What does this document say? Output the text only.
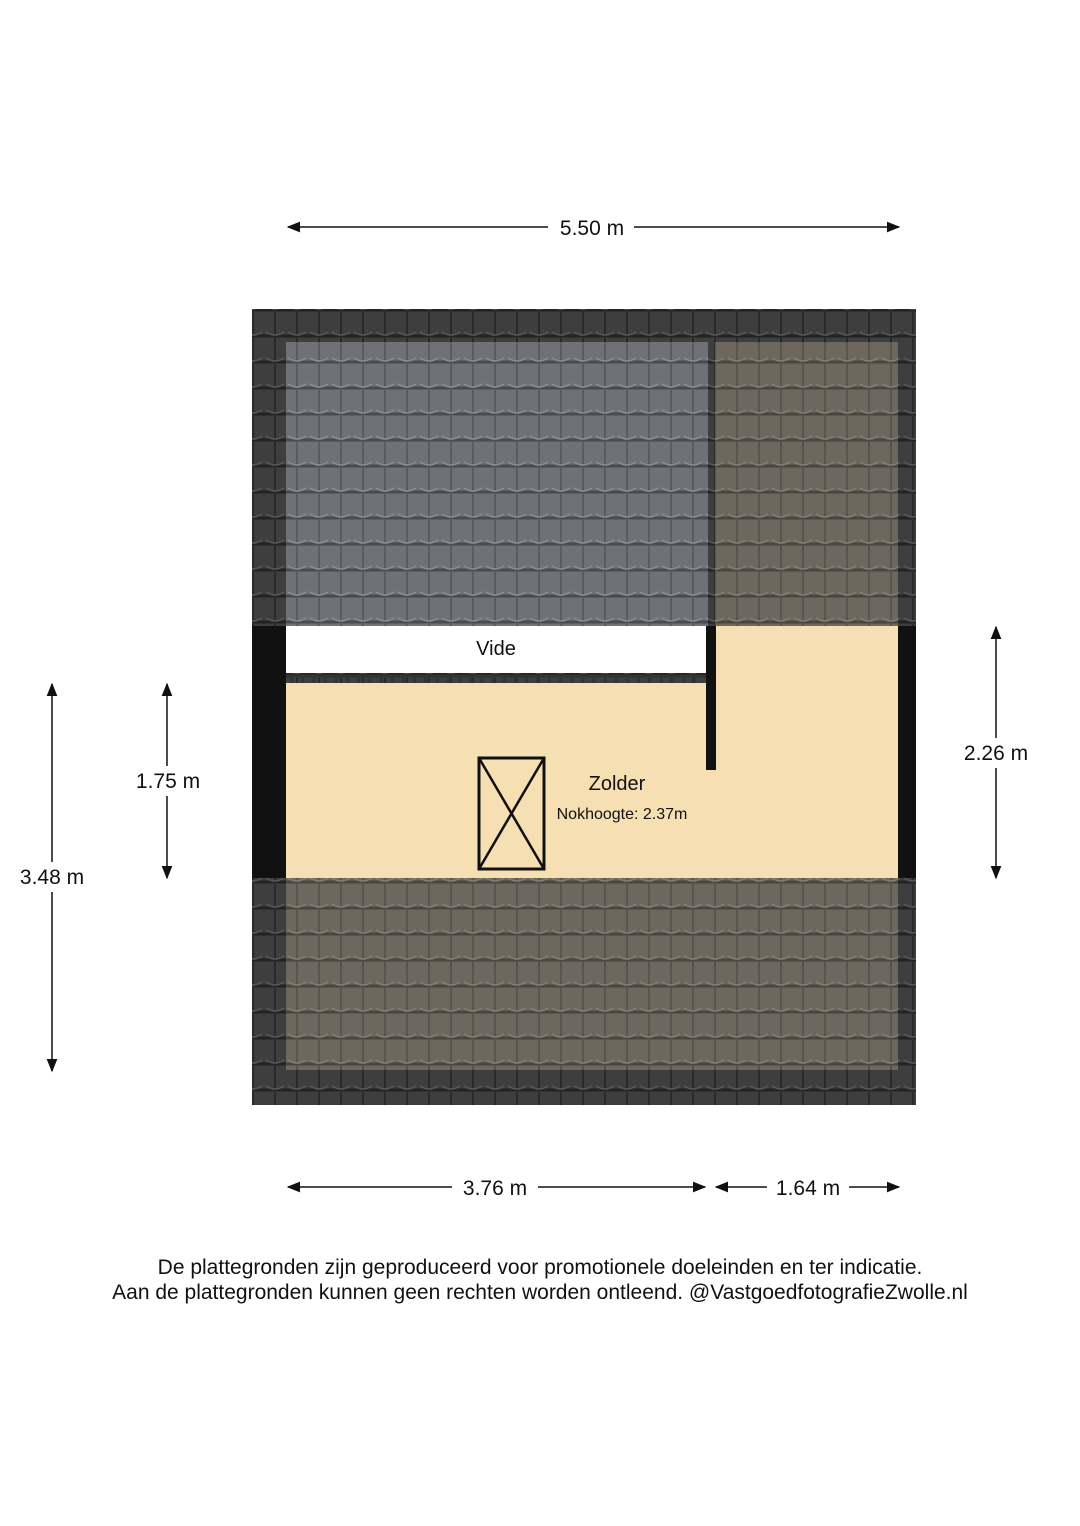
Vide
Zolder
Nokhoogte: 2.37m
5.50 m
3.76 m	1.64 m
3.48 m
1.75 m
2.26 m
De plattegronden zijn geproduceerd voor promotionele doeleinden en ter indicatie.
Aan de plattegronden kunnen geen rechten worden ontleend. @VastgoedfotografieZwolle.nl
